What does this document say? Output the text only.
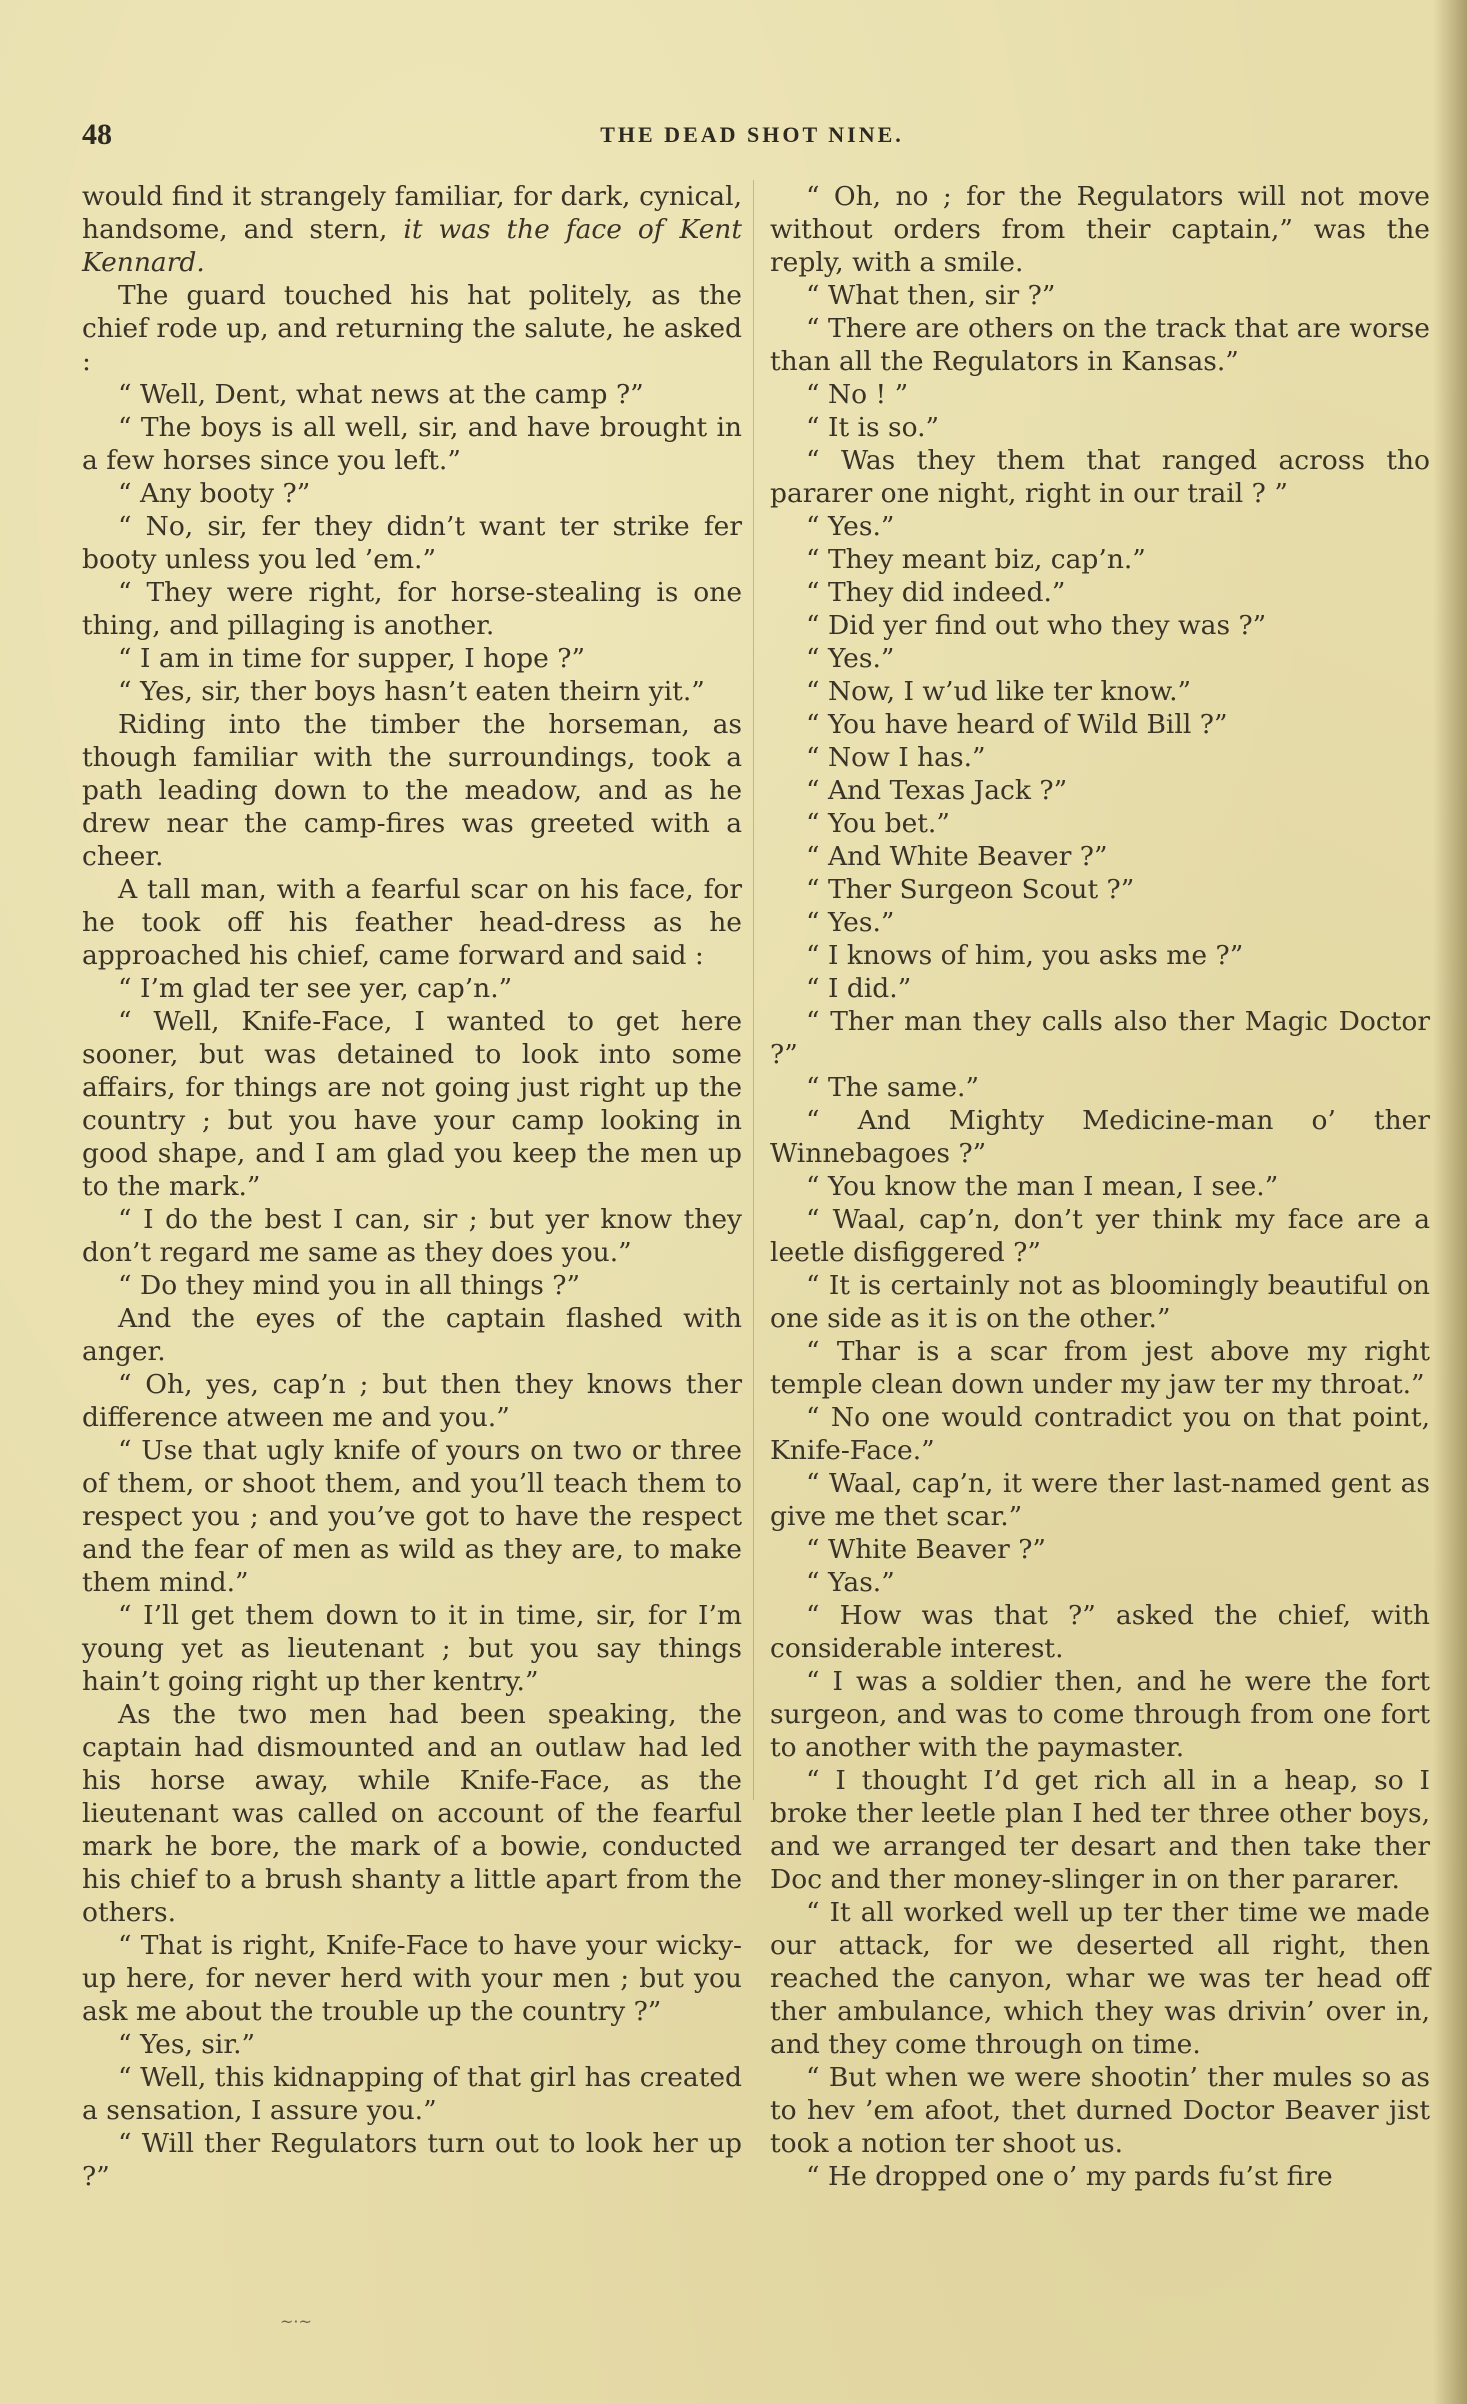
48	THE DEAD SHOT NINE.

would find it strangely familiar, for dark, cynical, handsome, and stern, it was the face of Kent Kennard.

The guard touched his hat politely, as the chief rode up, and returning the salute, he asked :

“ Well, Dent, what news at the camp ?”

“ The boys is all well, sir, and have brought in a few horses since you left.”

“ Any booty ?”

“ No, sir, fer they didn’t want ter strike fer booty unless you led ’em.”

“ They were right, for horse-stealing is one thing, and pillaging is another.

“ I am in time for supper, I hope ?”

“ Yes, sir, ther boys hasn’t eaten theirn yit.”

Riding into the timber the horseman, as though familiar with the surroundings, took a path leading down to the meadow, and as he drew near the camp-fires was greeted with a cheer.

A tall man, with a fearful scar on his face, for he took off his feather head-dress as he approached his chief, came forward and said :

“ I’m glad ter see yer, cap’n.”

“ Well, Knife-Face, I wanted to get here sooner, but was detained to look into some affairs, for things are not going just right up the country ; but you have your camp looking in good shape, and I am glad you keep the men up to the mark.”

“ I do the best I can, sir ; but yer know they don’t regard me same as they does you.”

“ Do they mind you in all things ?”

And the eyes of the captain flashed with anger.

“ Oh, yes, cap’n ; but then they knows ther difference atween me and you.”

“ Use that ugly knife of yours on two or three of them, or shoot them, and you’ll teach them to respect you ; and you’ve got to have the respect and the fear of men as wild as they are, to make them mind.”

“ I’ll get them down to it in time, sir, for I’m young yet as lieutenant ; but you say things hain’t going right up ther kentry.”

As the two men had been speaking, the captain had dismounted and an outlaw had led his horse away, while Knife-Face, as the lieutenant was called on account of the fearful mark he bore, the mark of a bowie, conducted his chief to a brush shanty a little apart from the others.

“ That is right, Knife-Face to have your wicky-up here, for never herd with your men ; but you ask me about the trouble up the country ?”

“ Yes, sir.”

“ Well, this kidnapping of that girl has created a sensation, I assure you.”

“ Will ther Regulators turn out to look her up ?”

“ Oh, no ; for the Regulators will not move without orders from their captain,” was the reply, with a smile.

“ What then, sir ?”

“ There are others on the track that are worse than all the Regulators in Kansas.”

“ No ! ”

“ It is so.”

“ Was they them that ranged across tho pararer one night, right in our trail ? ”

“ Yes.”

“ They meant biz, cap’n.”

“ They did indeed.”

“ Did yer find out who they was ?”

“ Yes.”

“ Now, I w’ud like ter know.”

“ You have heard of Wild Bill ?”

“ Now I has.”

“ And Texas Jack ?”

“ You bet.”

“ And White Beaver ?”

“ Ther Surgeon Scout ?”

“ Yes.”

“ I knows of him, you asks me ?”

“ I did.”

“ Ther man they calls also ther Magic Doctor ?”

“ The same.”

“ And Mighty Medicine-man o’ ther Winnebagoes ?”

“ You know the man I mean, I see.”

“ Waal, cap’n, don’t yer think my face are a leetle disfiggered ?”

“ It is certainly not as bloomingly beautiful on one side as it is on the other.”

“ Thar is a scar from jest above my right temple clean down under my jaw ter my throat.”

“ No one would contradict you on that point, Knife-Face.”

“ Waal, cap’n, it were ther last-named gent as give me thet scar.”

“ White Beaver ?”

“ Yas.”

“ How was that ?” asked the chief, with considerable interest.

“ I was a soldier then, and he were the fort surgeon, and was to come through from one fort to another with the paymaster.

“ I thought I’d get rich all in a heap, so I broke ther leetle plan I hed ter three other boys, and we arranged ter desart and then take ther Doc and ther money-slinger in on ther pararer.

“ It all worked well up ter ther time we made our attack, for we deserted all right, then reached the canyon, whar we was ter head off ther ambulance, which they was drivin’ over in, and they come through on time.

“ But when we were shootin’ ther mules so as to hev ’em afoot, thet durned Doctor Beaver jist took a notion ter shoot us.

“ He dropped one o’ my pards fu’st fire

~·~
